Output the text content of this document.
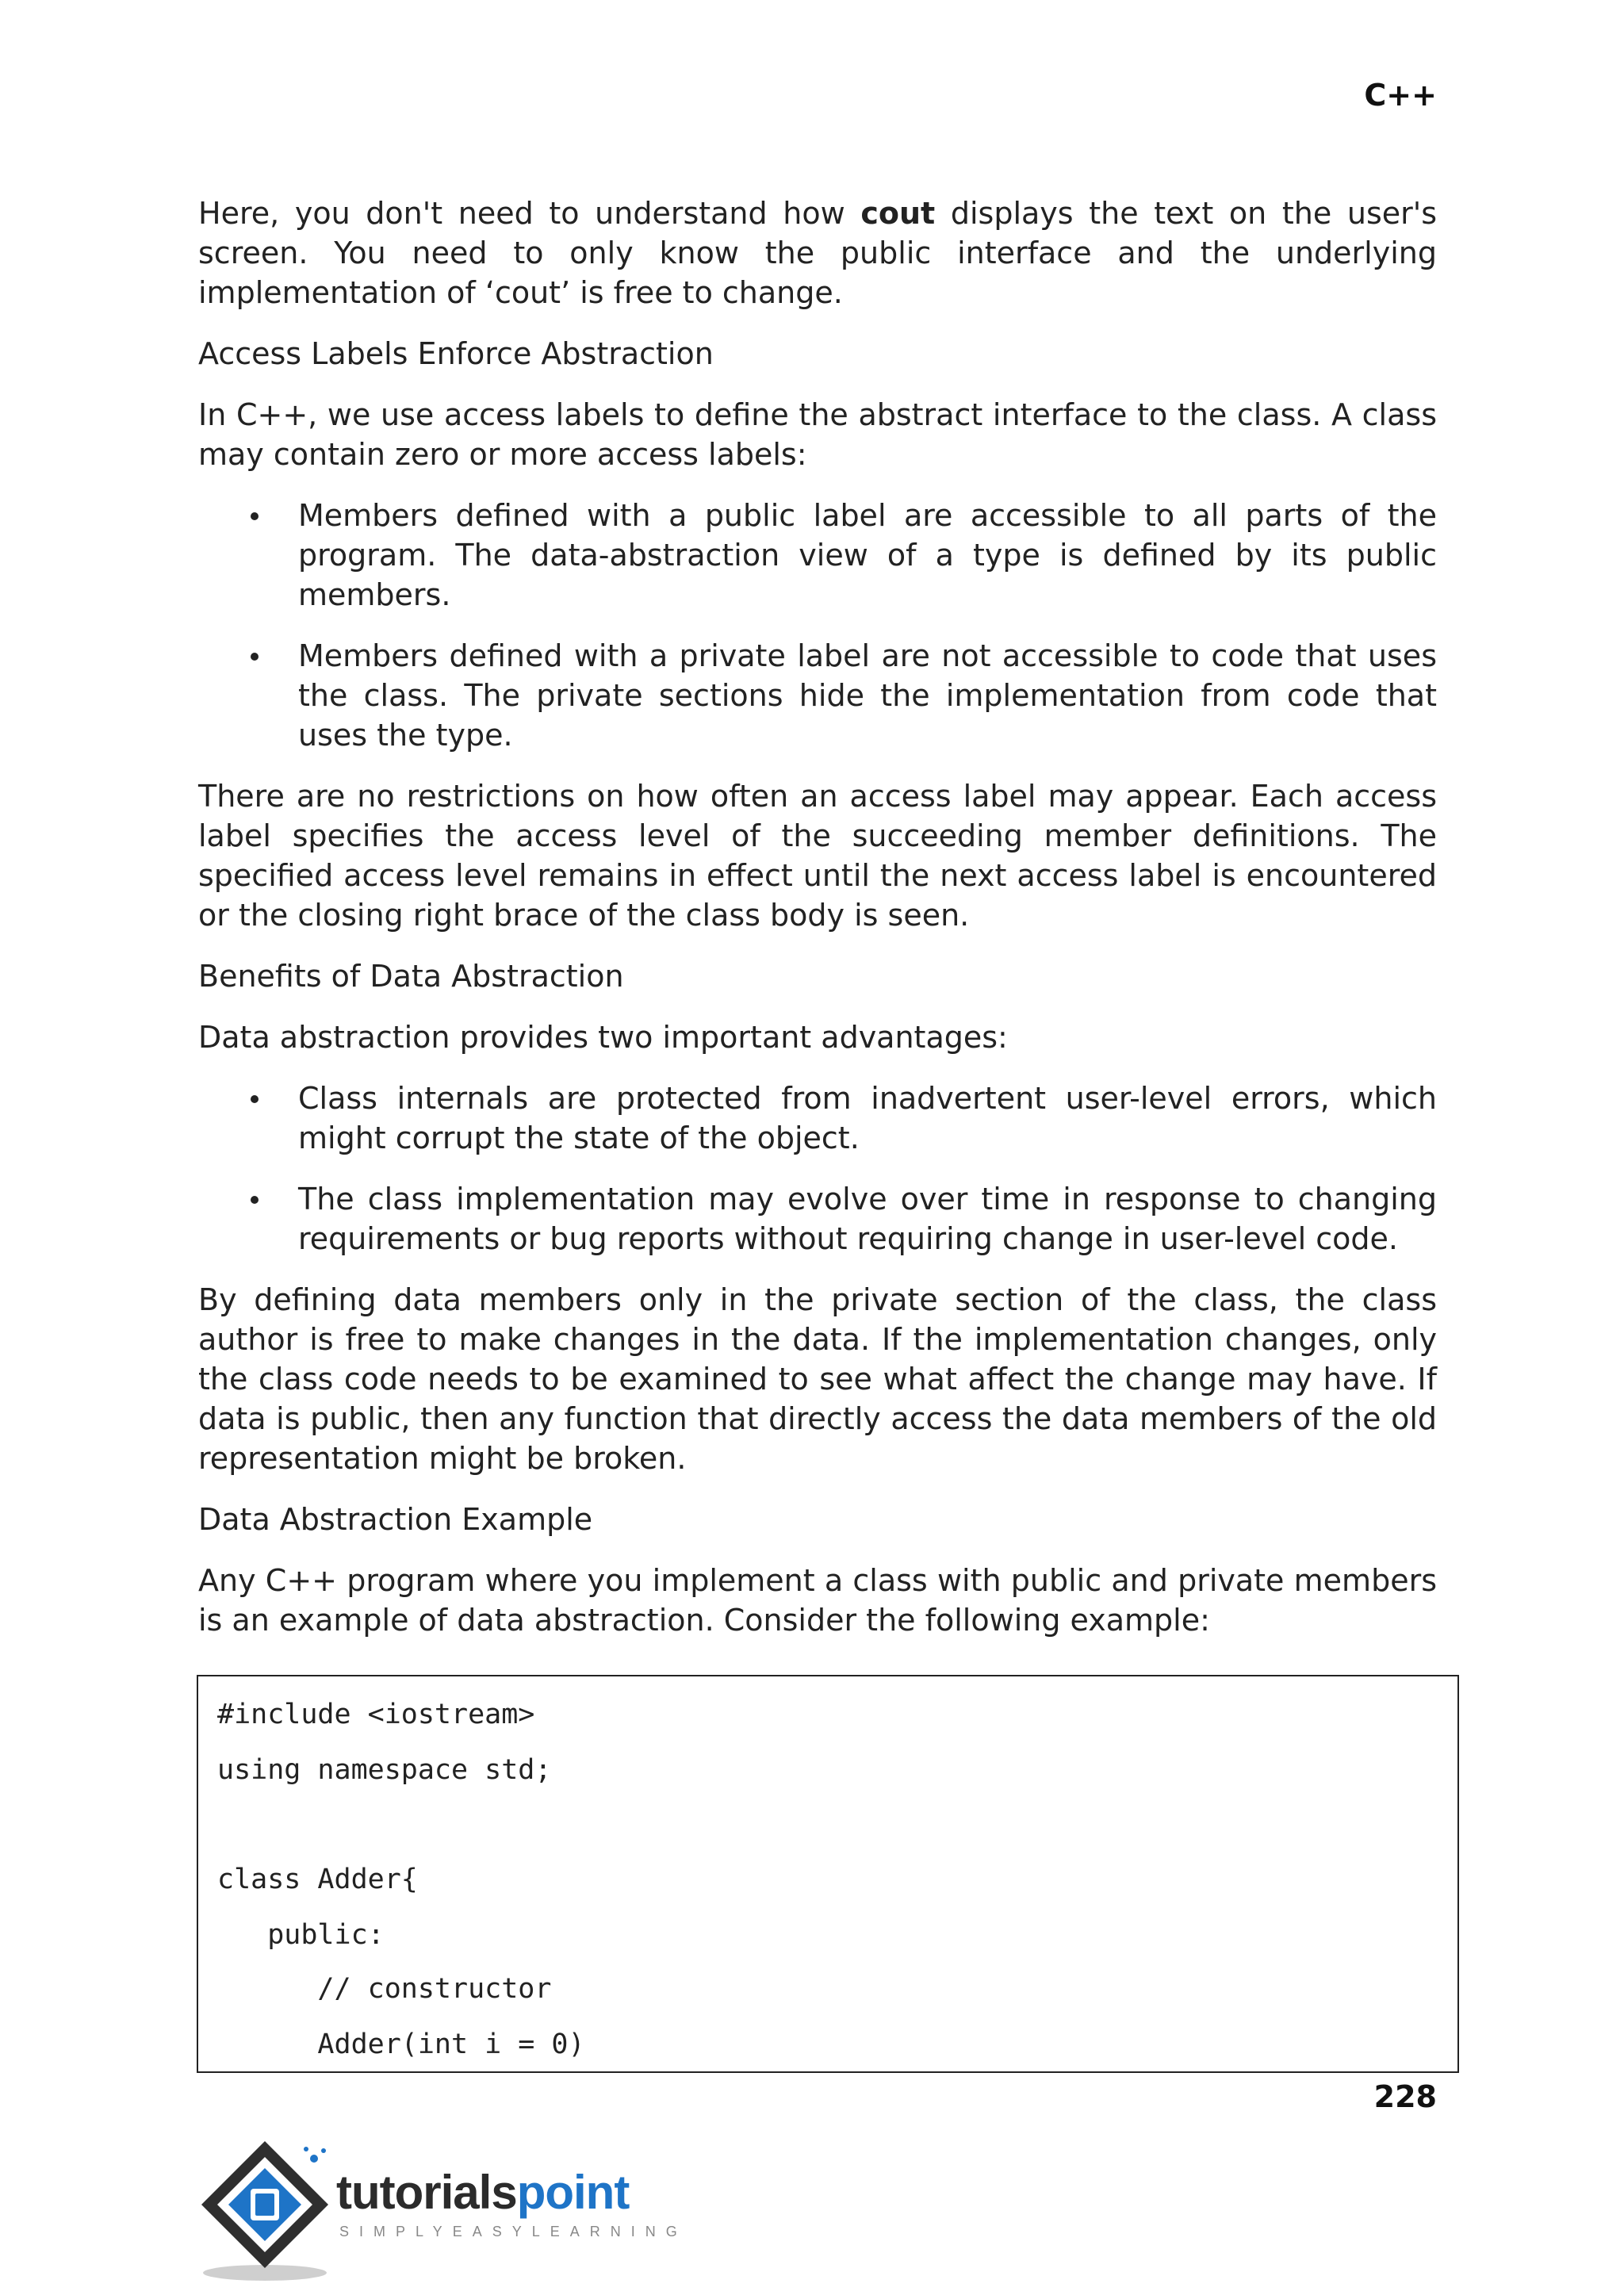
C++

Here, you don't need to understand how cout displays the text on the user's screen. You need to only know the public interface and the underlying implementation of ‘cout’ is free to change.

Access Labels Enforce Abstraction

In C++, we use access labels to define the abstract interface to the class. A class may contain zero or more access labels:

Members defined with a public label are accessible to all parts of the program. The data-abstraction view of a type is defined by its public members.
Members defined with a private label are not accessible to code that uses the class. The private sections hide the implementation from code that uses the type.

There are no restrictions on how often an access label may appear. Each access label specifies the access level of the succeeding member definitions. The specified access level remains in effect until the next access label is encountered or the closing right brace of the class body is seen.

Benefits of Data Abstraction

Data abstraction provides two important advantages:

Class internals are protected from inadvertent user-level errors, which might corrupt the state of the object.
The class implementation may evolve over time in response to changing requirements or bug reports without requiring change in user-level code.

By defining data members only in the private section of the class, the class author is free to make changes in the data. If the implementation changes, only the class code needs to be examined to see what affect the change may have. If data is public, then any function that directly access the data members of the old representation might be broken.

Data Abstraction Example

Any C++ program where you implement a class with public and private members is an example of data abstraction. Consider the following example:

#include <iostream>
using namespace std;
class Adder{
public:
// constructor
Adder(int i = 0)
228
tutorialspoint
SIMPLYEASYLEARNING
